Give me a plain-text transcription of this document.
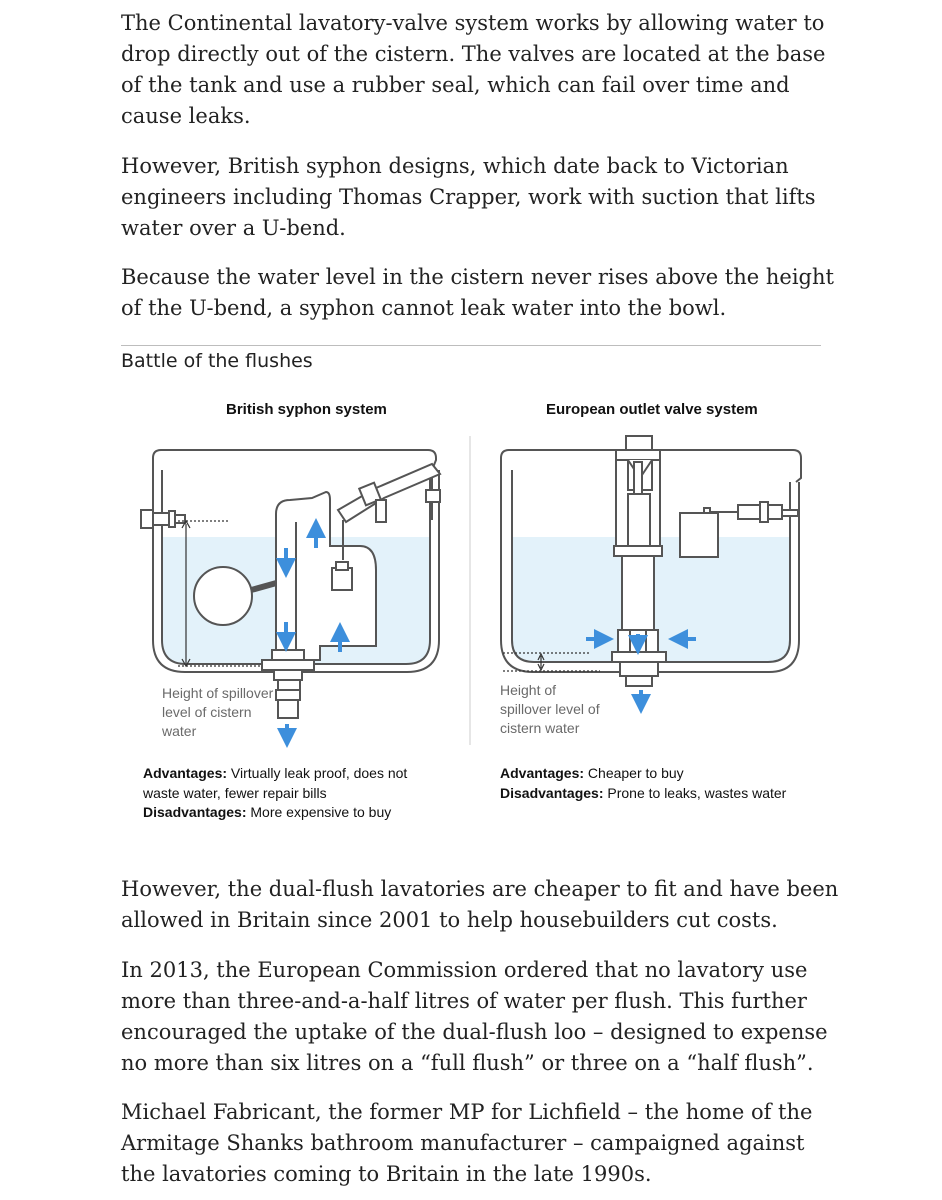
The Continental lavatory-valve system works by allowing water to drop directly out of the cistern. The valves are located at the base of the tank and use a rubber seal, which can fail over time and cause leaks.

However, British syphon designs, which date back to Victorian engineers including Thomas Crapper, work with suction that lifts water over a U-bend.

Because the water level in the cistern never rises above the height of the U-bend, a syphon cannot leak water into the bowl.

Battle of the flushes

British syphon system	European outlet valve system

Height of spillover
level of cistern
water

Height of
spillover level of
cistern water

Advantages: Virtually leak proof, does not
waste water, fewer repair bills
Disadvantages: More expensive to buy

Advantages: Cheaper to buy
Disadvantages: Prone to leaks, wastes water

However, the dual-flush lavatories are cheaper to fit and have been allowed in Britain since 2001 to help housebuilders cut costs.

In 2013, the European Commission ordered that no lavatory use more than three-and-a-half litres of water per flush. This further encouraged the uptake of the dual-flush loo – designed to expense no more than six litres on a “full flush” or three on a “half flush”.

Michael Fabricant, the former MP for Lichfield – the home of the Armitage Shanks bathroom manufacturer – campaigned against the lavatories coming to Britain in the late 1990s.
